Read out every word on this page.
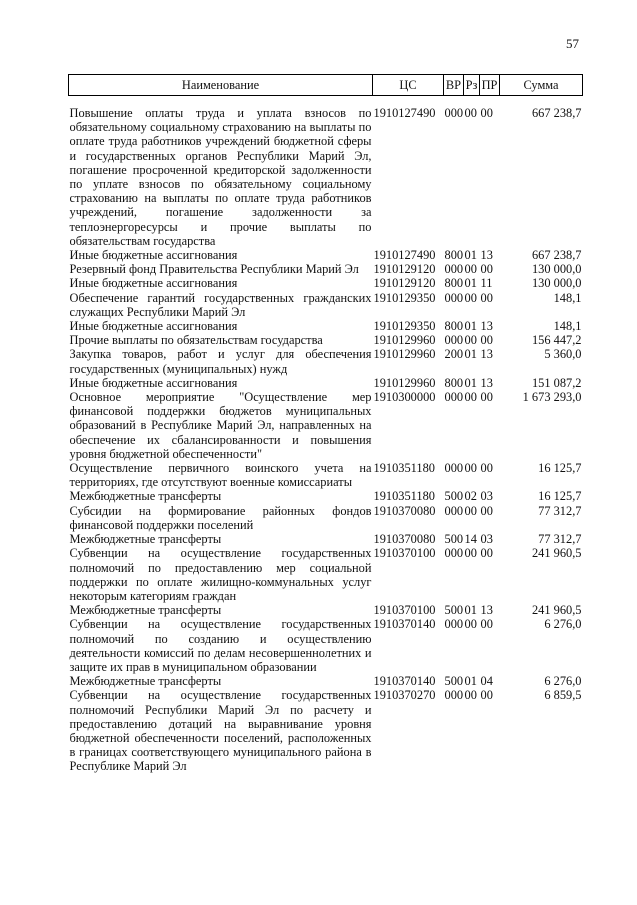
57
Наименование	ЦС	ВР	Рз	ПР	Сумма
Повышение оплаты труда и уплата взносов по обязательному социальному страхованию на выплаты по оплате труда работников учреждений бюджетной сферы и государственных органов Республики Марий Эл, погашение просроченной кредиторской задолженности по уплате взносов по обязательному социальному страхованию на выплаты по оплате труда работников учреждений, погашение задолженности за теплоэнергоресурсы и прочие выплаты по обязательствам государства	1910127490	000	00	00	667 238,7
Иные бюджетные ассигнования	1910127490	800	01	13	667 238,7
Резервный фонд Правительства Республики Марий Эл	1910129120	000	00	00	130 000,0
Иные бюджетные ассигнования	1910129120	800	01	11	130 000,0
Обеспечение гарантий государственных гражданских служащих Республики Марий Эл	1910129350	000	00	00	148,1
Иные бюджетные ассигнования	1910129350	800	01	13	148,1
Прочие выплаты по обязательствам государства	1910129960	000	00	00	156 447,2
Закупка товаров, работ и услуг для обеспечения государственных (муниципальных) нужд	1910129960	200	01	13	5 360,0
Иные бюджетные ассигнования	1910129960	800	01	13	151 087,2
Основное мероприятие "Осуществление мер финансовой поддержки бюджетов муниципальных образований в Республике Марий Эл, направленных на обеспечение их сбалансированности и повышения уровня бюджетной обеспеченности"	1910300000	000	00	00	1 673 293,0
Осуществление первичного воинского учета на территориях, где отсутствуют военные комиссариаты	1910351180	000	00	00	16 125,7
Межбюджетные трансферты	1910351180	500	02	03	16 125,7
Субсидии на формирование районных фондов финансовой поддержки поселений	1910370080	000	00	00	77 312,7
Межбюджетные трансферты	1910370080	500	14	03	77 312,7
Субвенции на осуществление государственных полномочий по предоставлению мер социальной поддержки по оплате жилищно-коммунальных услуг некоторым категориям граждан	1910370100	000	00	00	241 960,5
Межбюджетные трансферты	1910370100	500	01	13	241 960,5
Субвенции на осуществление государственных полномочий по созданию и осуществлению деятельности комиссий по делам несовершеннолетних и защите их прав в муниципальном образовании	1910370140	000	00	00	6 276,0
Межбюджетные трансферты	1910370140	500	01	04	6 276,0
Субвенции на осуществление государственных полномочий Республики Марий Эл по расчету и предоставлению дотаций на выравнивание уровня бюджетной обеспеченности поселений, расположенных в границах соответствующего муниципального района в Республике Марий Эл	1910370270	000	00	00	6 859,5
